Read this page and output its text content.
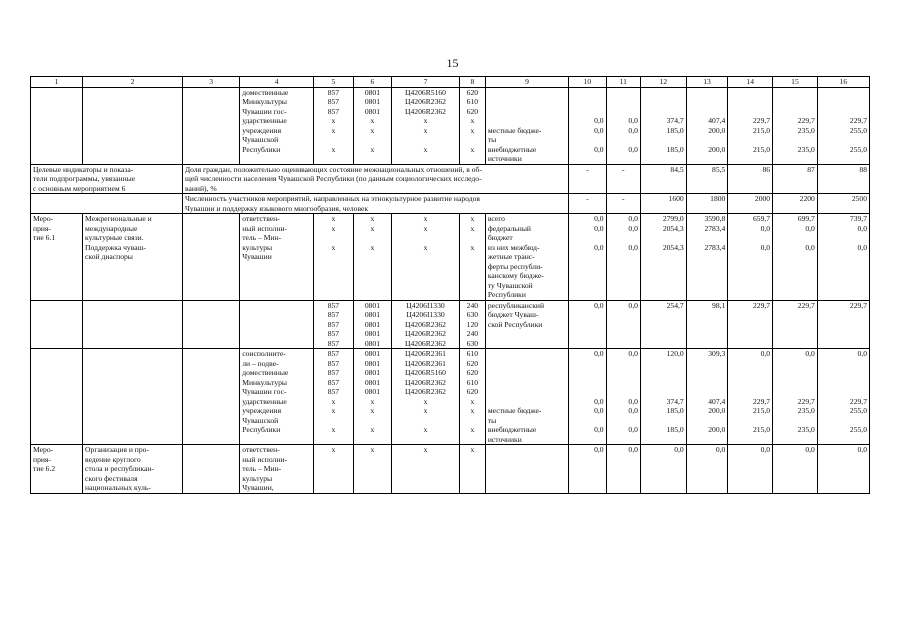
15
1	2	3	4	5	6	7	8	9	10	11	12	13	14	15	16
			домественные	857	0801	Ц4206R5160	620								
			Минкультуры	857	0801	Ц4206R2362	610								
			Чувашии гос-	857	0801	Ц4206R2362	620								
			ударственные	x	x	x	x		0,0	0,0	374,7	407,4	229,7	229,7	229,7
			учреждения	x	x	x	x	местные бюдже-	0,0	0,0	185,0	200,0	215,0	235,0	255,0
			Чувашской					ты							
			Республики	x	x	x	x	внебюджетные	0,0	0,0	185,0	200,0	215,0	235,0	255,0
								источники							
Целевые индикаторы и показа-		Доля граждан, положительно оценивающих состояние межнациональных отношений, в об-							-	-	84,5	85,5	86	87	88
тели подпрограммы, увязанные		щей численности населения Чувашской Республики (по данным социологических исследо-													
с основным мероприятием 6		ваний), %													
		Численность участников мероприятий, направленных на этнокультурное развитие народов							-	-	1600	1800	2000	2200	2500
		Чувашии и поддержку языкового многообразия, человек													
Меро-	Межрегиональные и		ответствен-	x	x	x	x	всего	0,0	0,0	2799,0	3590,8	659,7	699,7	739,7
прия-	международные		ный исполни-	x	x	x	x	федеральный	0,0	0,0	2054,3	2783,4	0,0	0,0	0,0
тие 6.1	культурные связи.		тель – Мин-					бюджет							
	Поддержка чуваш-		культуры	x	x	x	x	из них межбюд-	0,0	0,0	2054,3	2783,4	0,0	0,0	0,0
	ской диаспоры		Чувашии					жетные транс-							
								ферты республи-							
								канскому бюдже-							
								ту Чувашской							
								Республики							
				857	0801	Ц4206I1330	240	республиканский	0,0	0,0	254,7	98,1	229,7	229,7	229,7
				857	0801	Ц4206I1330	630	бюджет Чуваш-							
				857	0801	Ц4206R2362	120	ской Республики							
				857	0801	Ц4206R2362	240								
				857	0801	Ц4206R2362	630								
			соисполните-	857	0801	Ц4206R2361	610		0,0	0,0	120,0	309,3	0,0	0,0	0,0
			ли – подве-	857	0801	Ц4206R2361	620								
			домественные	857	0801	Ц4206R5160	620								
			Минкультуры	857	0801	Ц4206R2362	610								
			Чувашии гос-	857	0801	Ц4206R2362	620								
			ударственные	x	x	x	x		0,0	0,0	374,7	407,4	229,7	229,7	229,7
			учреждения	x	x	x	x	местные бюдже-	0,0	0,0	185,0	200,0	215,0	235,0	255,0
			Чувашской					ты							
			Республики	x	x	x	x	внебюджетные	0,0	0,0	185,0	200,0	215,0	235,0	255,0
								источники							
Меро-	Организация и про-		ответствен-	x	x	x	x		0,0	0,0	0,0	0,0	0,0	0,0	0,0
прия-	ведение круглого		ный исполни-												
тие 6.2	стола и республикан-		тель – Мин-												
	ского фестиваля		культуры												
	национальных куль-		Чувашии,												
